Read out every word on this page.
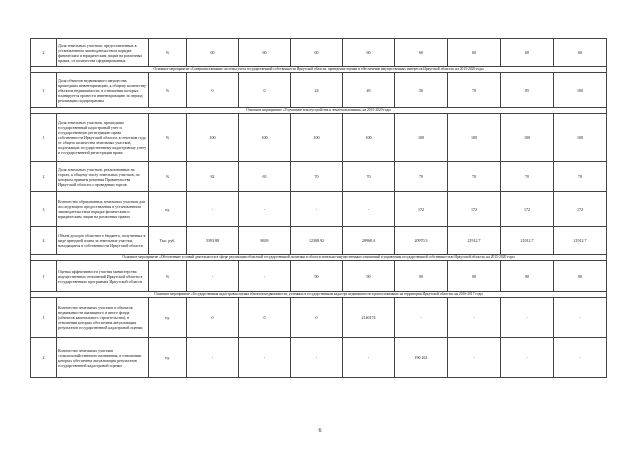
2	Доля земельных участков, предоставленных в установленном законодательством порядке физическим и юридическим лицам на различных правах, от количества сформированных	%	60	60	60	60	60	60	60	60
Основное мероприятие «Совершенствование системы учета государственной собственности Иркутской области, проведение оценки и обеспечение имущественных интересов Иркутской области» на 2015-2020 годы										
1	Доля объектов недвижимого имущества, прошедших инвентаризацию, к общему количеству объектов недвижимости, в отношении которых планируется провести инвентаризацию за период реализации подпрограммы	%	0	0	24	49	56	70	85	100
Основное мероприятие «Улучшение землеустройства и землепользования» на 2015-2020 годы										
1	Доля земельных участков, прошедших государственный кадастровый учет и государственную регистрацию права собственности Иркутской области, в отчетном году, от общего количества земельных участков, подлежащих государственному кадастровому учету и государственной регистрации права	%	100	100	100	100	100	100	100	100
2	Доля земельных участков, реализованных на торгах, к общему числу земельных участков, по которым приняты решения Правительства Иркутской области о проведении торгов	%	82	65	70	70	70	70	70	70
3	Количество образованных земельных участков для последующего предоставления в установленном законодательством порядке физическим и юридическим лицам на различных правах	ед.	-	-	-	-	172	172	172	172
4	Объем доходов областного бюджета, полученных в виде арендной платы за земельные участки, находящиеся в собственности Иркутской области	Тыс. руб.	5393.88	8639	12308.92	20968.4	20970.3	21912.7	21912.7	21912.7
Основное мероприятие «Обеспечение условий деятельности в сфере реализации областной государственной политики в области земельно-имущественных отношений и управления государственной собственностью Иркутской области» на 2015-2020 годы										
1	Оценка эффективности участия министерства имущественных отношений Иркутской области в государственных программах Иркутской области	%	-	-	90	90	90	90	90	90
Основное мероприятие «Государственная кадастровая оценка объектов недвижимости, учтенных в государственном кадастре недвижимости и расположенных на территории Иркутской области» на 2016-2017 годы										
1	Количество земельных участков и объектов недвижимости жилищного и иного фонда (объектов капитального строительства), в отношении которых обеспечена актуализация результатов государственной кадастровой оценки	ед.	0	0	0	2140174	-	-	-	-
2	Количество земельных участков сельскохозяйственного назначения, в отношении которых обеспечена актуализация результатов государственной кадастровой оценки	ед.	-	-	-	-	190 261	-	-	-
6
